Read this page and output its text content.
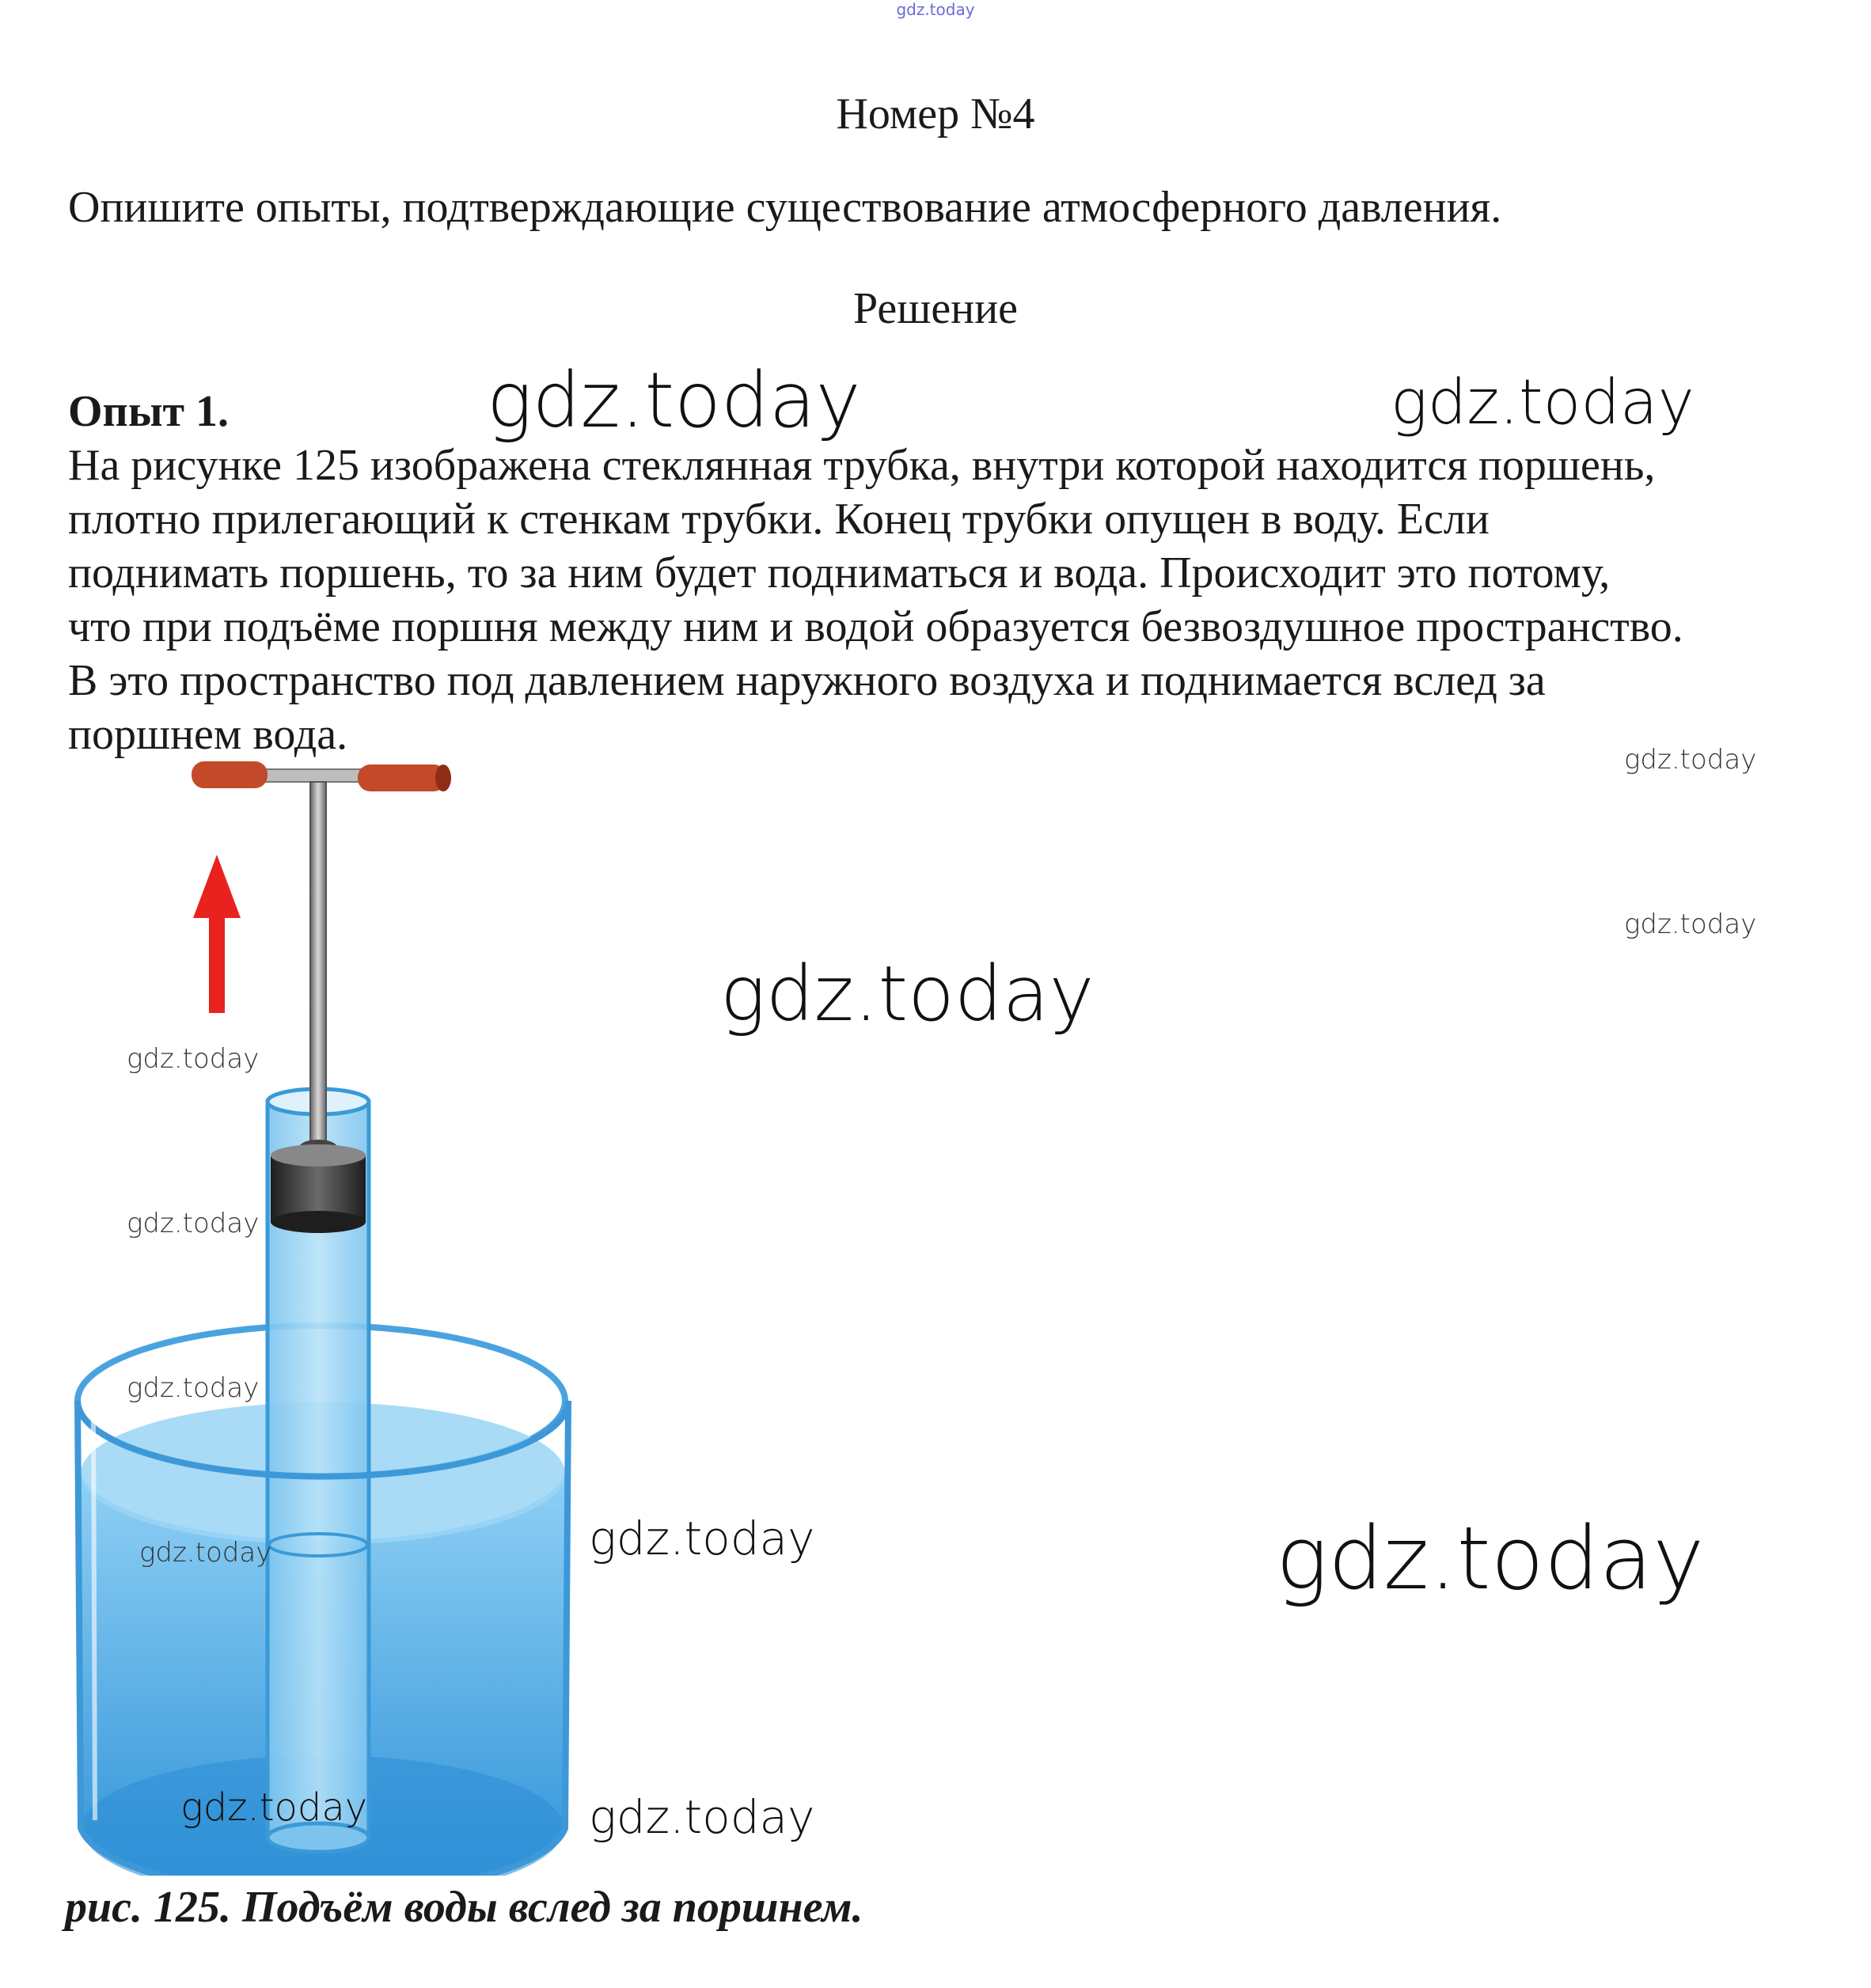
gdz.today
Номер №4
Опишите опыты, подтверждающие существование атмосферного давления.
Решение
Опыт 1.
На рисунке 125 изображена стеклянная трубка, внутри которой находится поршень,
плотно прилегающий к стенкам трубки. Конец трубки опущен в воду. Если
поднимать поршень, то за ним будет подниматься и вода. Происходит это потому,
что при подъёме поршня между ним и водой образуется безвоздушное пространство.
В это пространство под давлением наружного воздуха и поднимается вслед за
поршнем вода.
рис. 125. Подъём воды вслед за поршнем.
gdz.today	gdz.today
gdz.today
gdz.today
gdz.today
gdz.today
gdz.today
gdz.today
gdz.today	gdz.today	gdz.today
gdz.today	gdz.today
